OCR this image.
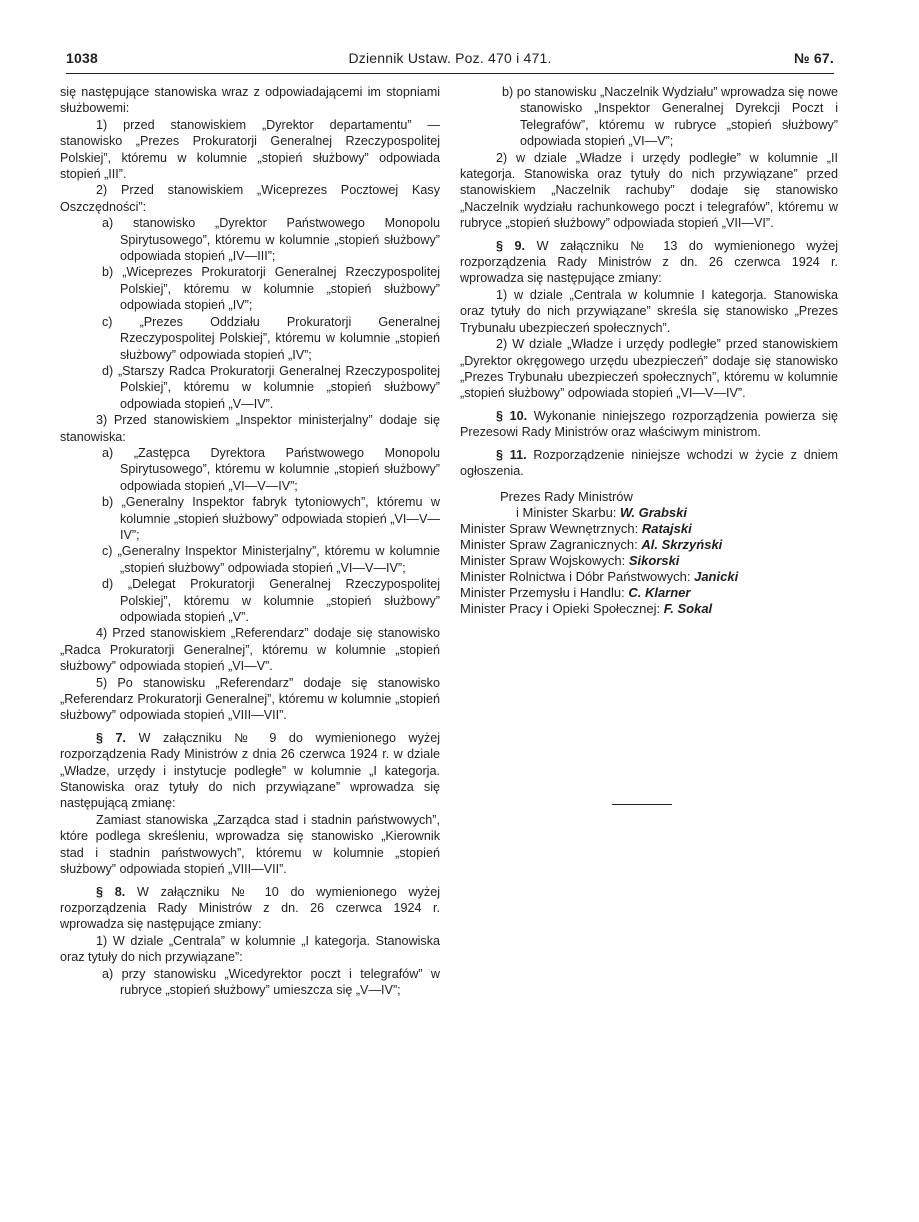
1038	Dziennik Ustaw. Poz. 470 i 471.	№ 67.

się następujące stanowiska wraz z odpowiadającemi im stopniami służbowemi:

1) przed stanowiskiem „Dyrektor departamentu” — stanowisko „Prezes Prokuratorji Generalnej Rzeczypospolitej Polskiej”, któremu w kolumnie „stopień służbowy” odpowiada stopień „III”.

2) Przed stanowiskiem „Wiceprezes Pocztowej Kasy Oszczędności”:

a) stanowisko „Dyrektor Państwowego Monopolu Spirytusowego”, któremu w kolumnie „stopień służbowy” odpowiada stopień „IV—III”;

b) „Wiceprezes Prokuratorji Generalnej Rzeczypospolitej Polskiej”, któremu w kolumnie „stopień służbowy” odpowiada stopień „IV”;

c) „Prezes Oddziału Prokuratorji Generalnej Rzeczypospolitej Polskiej”, któremu w kolumnie „stopień służbowy” odpowiada stopień „IV”;

d) „Starszy Radca Prokuratorji Generalnej Rzeczypospolitej Polskiej”, któremu w kolumnie „stopień służbowy” odpowiada stopień „V—IV”.

3) Przed stanowiskiem „Inspektor ministerjalny” dodaje się stanowiska:

a) „Zastępca Dyrektora Państwowego Monopolu Spirytusowego”, któremu w kolumnie „stopień służbowy” odpowiada stopień „VI—V—IV”;

b) „Generalny Inspektor fabryk tytoniowych”, któremu w kolumnie „stopień służbowy” odpowiada stopień „VI—V—IV”;

c) „Generalny Inspektor Ministerjalny”, któremu w kolumnie „stopień służbowy” odpowiada stopień „VI—V—IV”;

d) „Delegat Prokuratorji Generalnej Rzeczypospolitej Polskiej”, któremu w kolumnie „stopień służbowy” odpowiada stopień „V”.

4) Przed stanowiskiem „Referendarz” dodaje się stanowisko „Radca Prokuratorji Generalnej”, któremu w kolumnie „stopień służbowy” odpowiada stopień „VI—V”.

5) Po stanowisku „Referendarz” dodaje się stanowisko „Referendarz Prokuratorji Generalnej”, któremu w kolumnie „stopień służbowy” odpowiada stopień „VIII—VII”.

§ 7. W załączniku № 9 do wymienionego wyżej rozporządzenia Rady Ministrów z dnia 26 czerwca 1924 r. w dziale „Władze, urzędy i instytucje podległe” w kolumnie „I kategorja. Stanowiska oraz tytuły do nich przywiązane” wprowadza się następującą zmianę:

Zamiast stanowiska „Zarządca stad i stadnin państwowych”, które podlega skreśleniu, wprowadza się stanowisko „Kierownik stad i stadnin państwowych”, któremu w kolumnie „stopień służbowy” odpowiada stopień „VIII—VII”.

§ 8. W załączniku № 10 do wymienionego wyżej rozporządzenia Rady Ministrów z dn. 26 czerwca 1924 r. wprowadza się następujące zmiany:

1) W dziale „Centrala” w kolumnie „I kategorja. Stanowiska oraz tytuły do nich przywiązane”:

a) przy stanowisku „Wicedyrektor poczt i telegrafów” w rubryce „stopień służbowy” umieszcza się „V—IV”;

b) po stanowisku „Naczelnik Wydziału” wprowadza się nowe stanowisko „Inspektor Generalnej Dyrekcji Poczt i Telegrafów”, któremu w rubryce „stopień służbowy” odpowiada stopień „VI—V”;

2) w dziale „Władze i urzędy podległe” w kolumnie „II kategorja. Stanowiska oraz tytuły do nich przywiązane” przed stanowiskiem „Naczelnik rachuby” dodaje się stanowisko „Naczelnik wydziału rachunkowego poczt i telegrafów”, któremu w rubryce „stopień służbowy” odpowiada stopień „VII—VI”.

§ 9. W załączniku № 13 do wymienionego wyżej rozporządzenia Rady Ministrów z dn. 26 czerwca 1924 r. wprowadza się następujące zmiany:

1) w dziale „Centrala w kolumnie I kategorja. Stanowiska oraz tytuły do nich przywiązane” skreśla się stanowisko „Prezes Trybunału ubezpieczeń społecznych”.

2) W dziale „Władze i urzędy podległe” przed stanowiskiem „Dyrektor okręgowego urzędu ubezpieczeń” dodaje się stanowisko „Prezes Trybunału ubezpieczeń społecznych”, któremu w kolumnie „stopień służbowy” odpowiada stopień „VI—V—IV”.

§ 10. Wykonanie niniejszego rozporządzenia powierza się Prezesowi Rady Ministrów oraz właściwym ministrom.

§ 11. Rozporządzenie niniejsze wchodzi w życie z dniem ogłoszenia.

Prezes Rady Ministrów

i Minister Skarbu: W. Grabski

Minister Spraw Wewnętrznych: Ratajski

Minister Spraw Zagranicznych: Al. Skrzyński

Minister Spraw Wojskowych: Sikorski

Minister Rolnictwa i Dóbr Państwowych: Janicki

Minister Przemysłu i Handlu: C. Klarner

Minister Pracy i Opieki Społecznej: F. Sokal
